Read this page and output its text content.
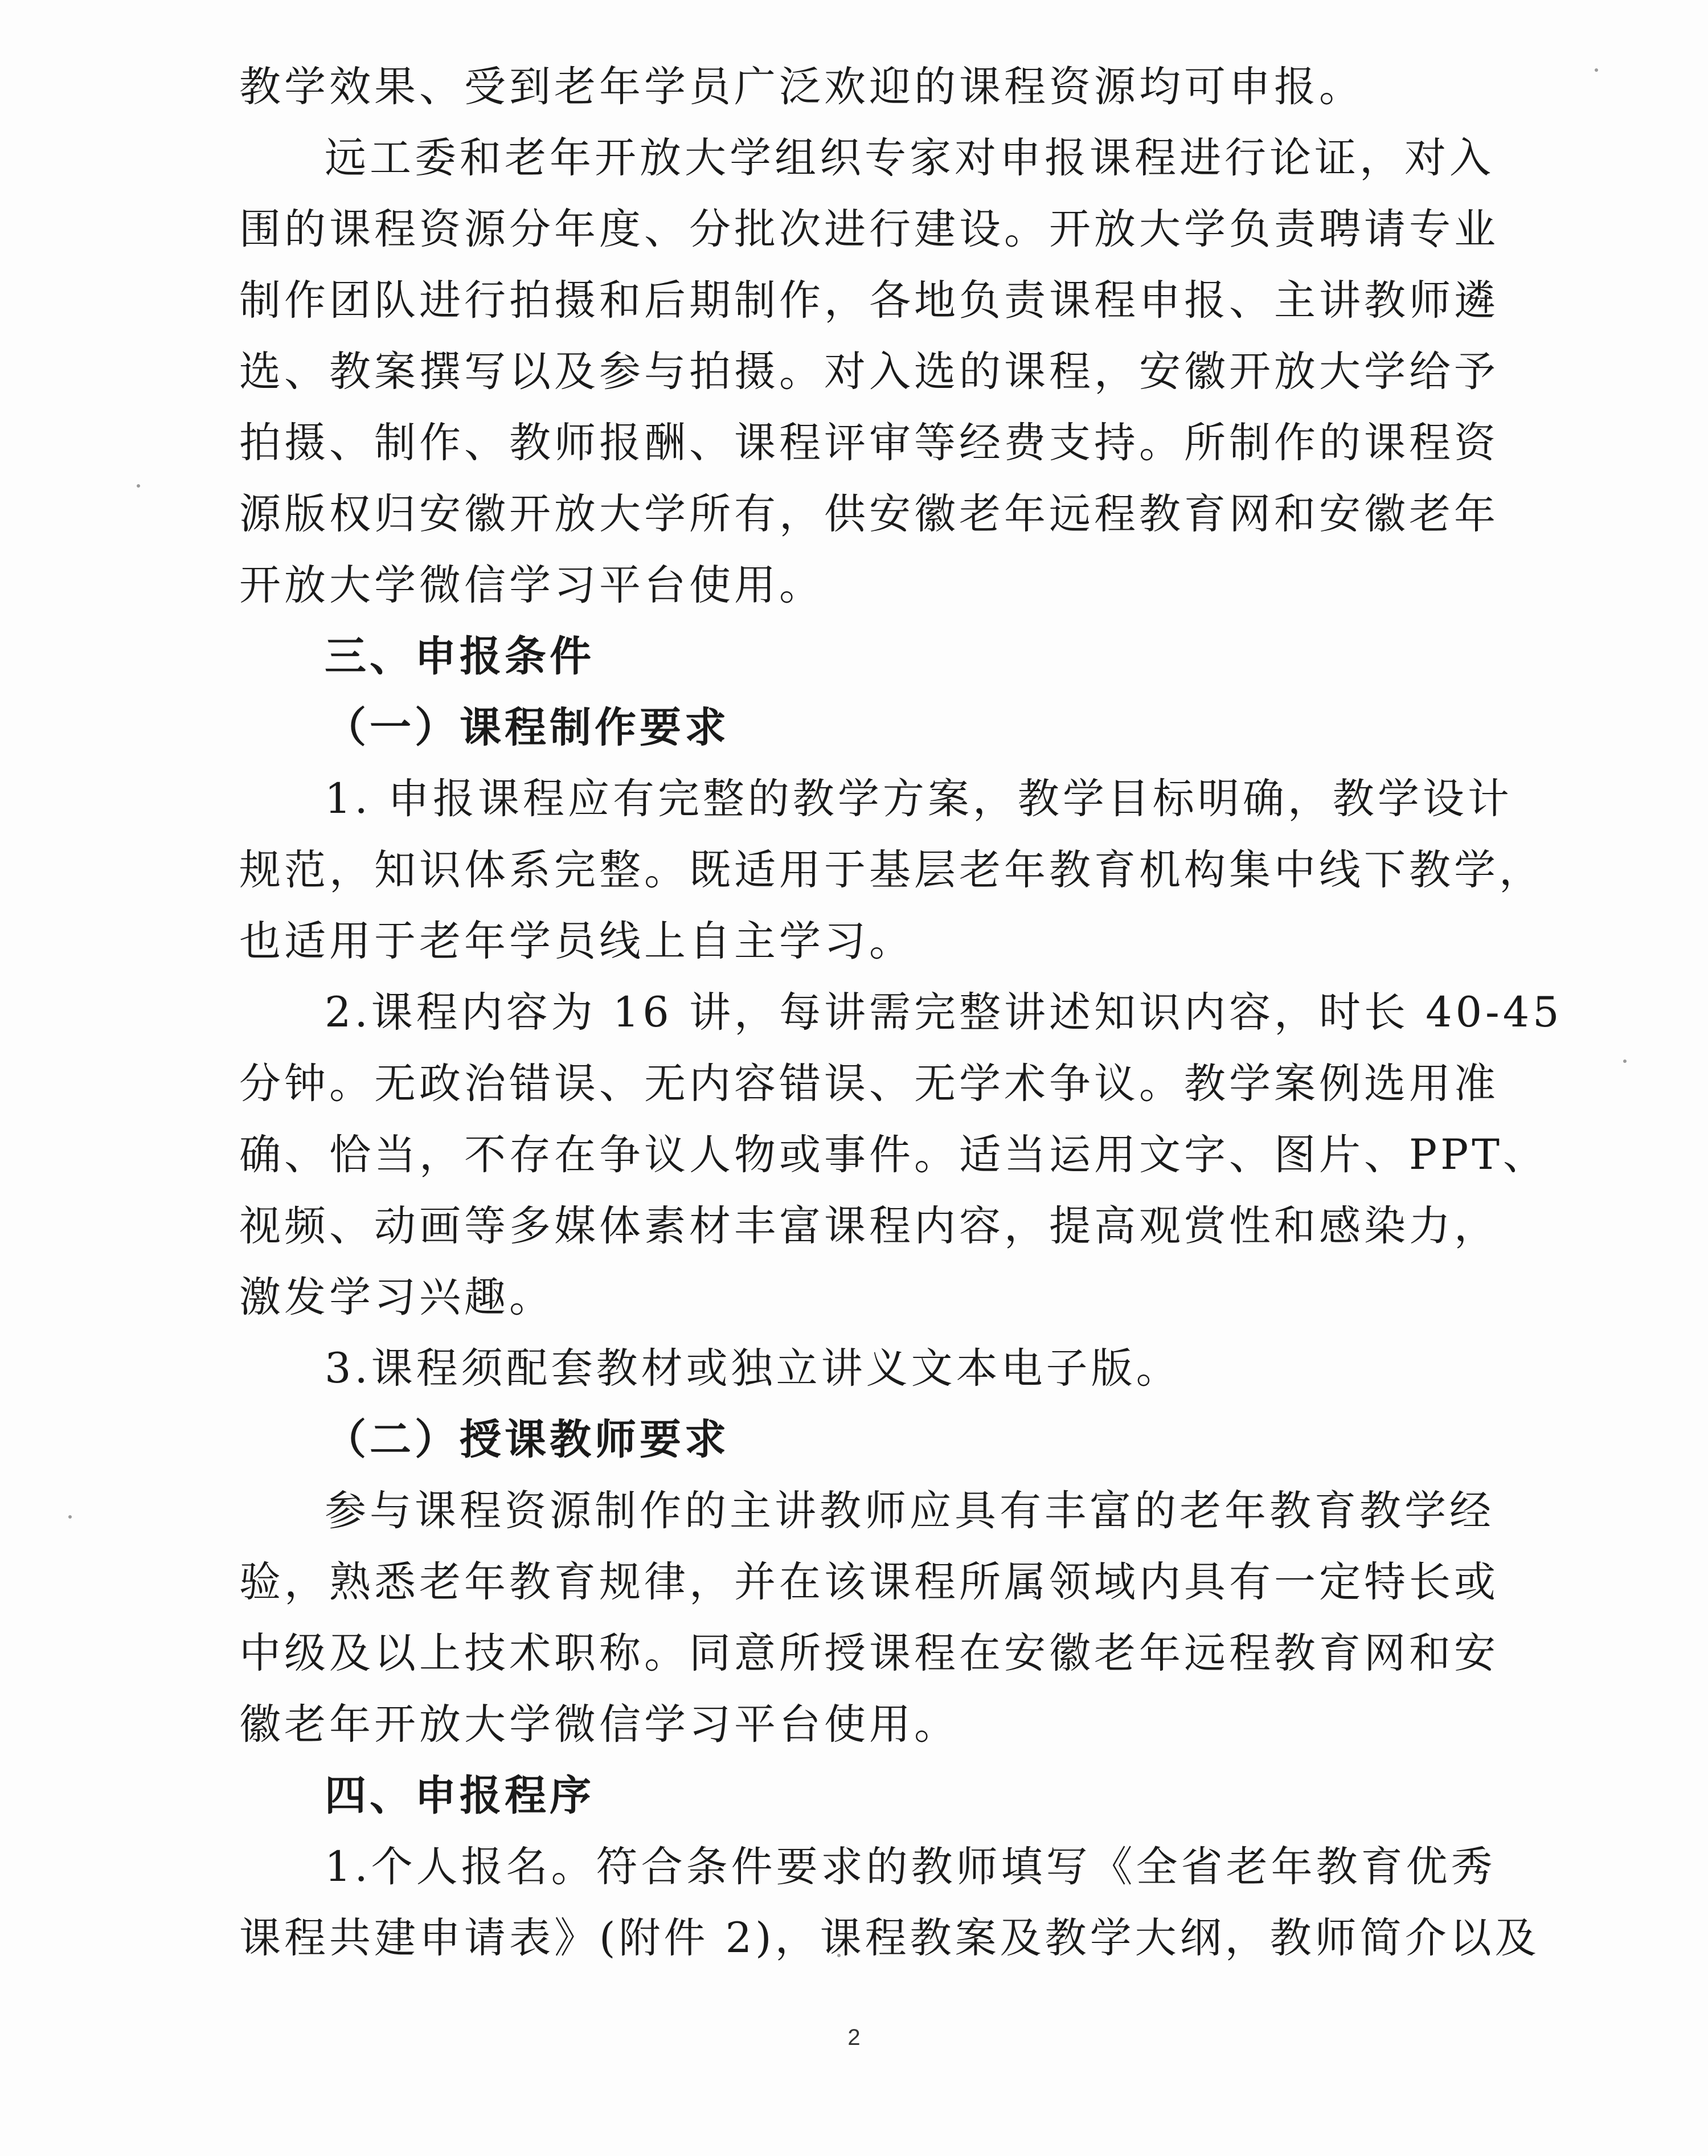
教学效果、受到老年学员广泛欢迎的课程资源均可申报。
远工委和老年开放大学组织专家对申报课程进行论证，对入
围的课程资源分年度、分批次进行建设。开放大学负责聘请专业
制作团队进行拍摄和后期制作，各地负责课程申报、主讲教师遴
选、教案撰写以及参与拍摄。对入选的课程，安徽开放大学给予
拍摄、制作、教师报酬、课程评审等经费支持。所制作的课程资
源版权归安徽开放大学所有，供安徽老年远程教育网和安徽老年
开放大学微信学习平台使用。
三、申报条件
（一）课程制作要求
1. 申报课程应有完整的教学方案，教学目标明确，教学设计
规范，知识体系完整。既适用于基层老年教育机构集中线下教学，
也适用于老年学员线上自主学习。
2.课程内容为 16 讲，每讲需完整讲述知识内容，时长 40-45
分钟。无政治错误、无内容错误、无学术争议。教学案例选用准
确、恰当，不存在争议人物或事件。适当运用文字、图片、PPT、
视频、动画等多媒体素材丰富课程内容，提高观赏性和感染力，
激发学习兴趣。
3.课程须配套教材或独立讲义文本电子版。
（二）授课教师要求
参与课程资源制作的主讲教师应具有丰富的老年教育教学经
验，熟悉老年教育规律，并在该课程所属领域内具有一定特长或
中级及以上技术职称。同意所授课程在安徽老年远程教育网和安
徽老年开放大学微信学习平台使用。
四、申报程序
1.个人报名。符合条件要求的教师填写《全省老年教育优秀
课程共建申请表》(附件 2)，课程教案及教学大纲，教师简介以及
2
